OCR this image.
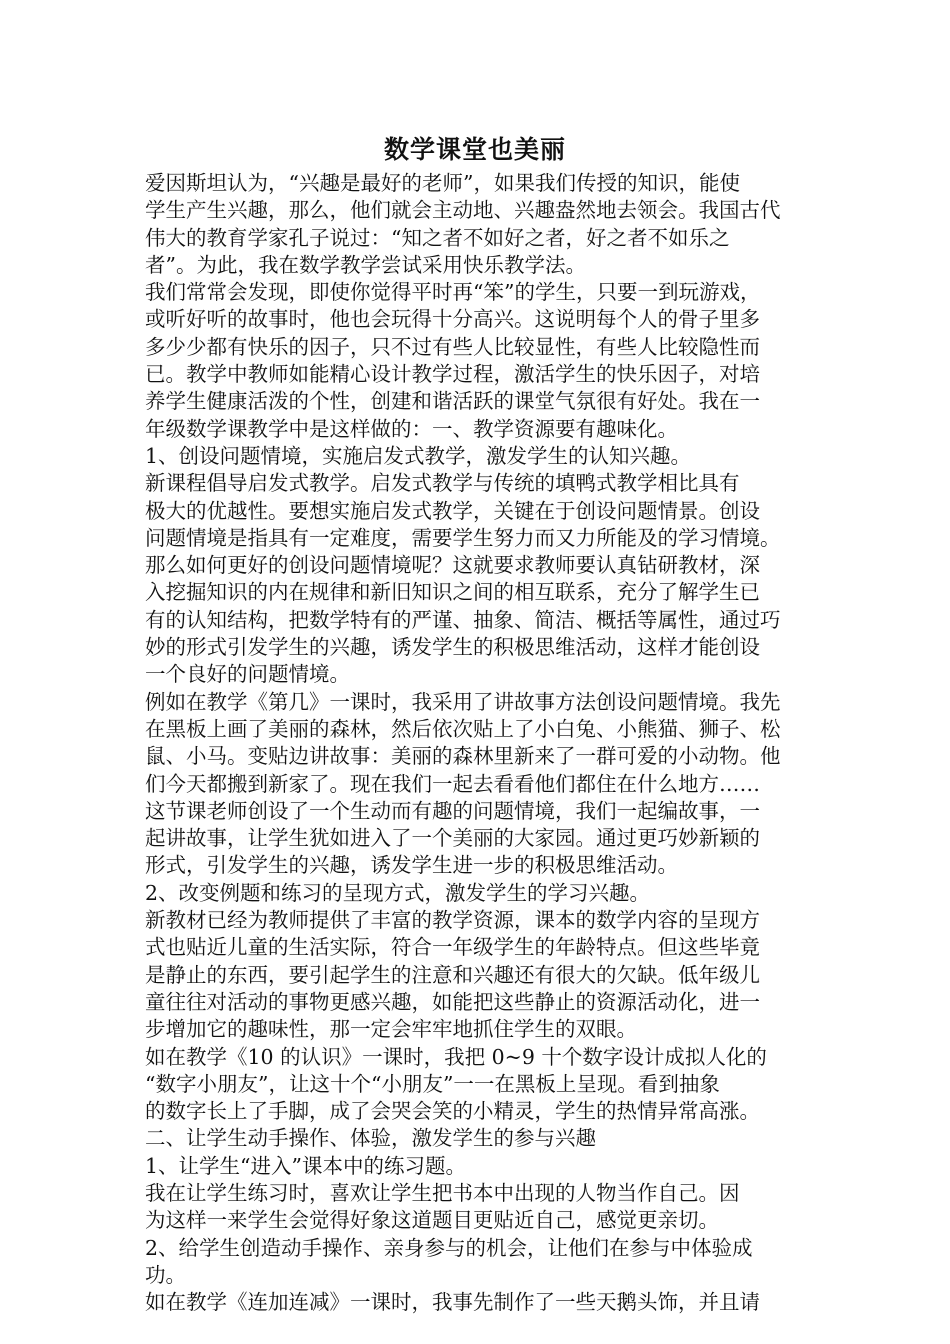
数学课堂也美丽
爱因斯坦认为，“兴趣是最好的老师”，如果我们传授的知识，能使
学生产生兴趣，那么，他们就会主动地、兴趣盎然地去领会。我国古代
伟大的教育学家孔子说过：“知之者不如好之者，好之者不如乐之
者”。为此，我在数学教学尝试采用快乐教学法。
我们常常会发现，即使你觉得平时再“笨”的学生，只要一到玩游戏，
或听好听的故事时，他也会玩得十分高兴。这说明每个人的骨子里多
多少少都有快乐的因子，只不过有些人比较显性，有些人比较隐性而
已。教学中教师如能精心设计教学过程，激活学生的快乐因子，对培
养学生健康活泼的个性，创建和谐活跃的课堂气氛很有好处。我在一
年级数学课教学中是这样做的：一、教学资源要有趣味化。
1、创设问题情境，实施启发式教学，激发学生的认知兴趣。
新课程倡导启发式教学。启发式教学与传统的填鸭式教学相比具有
极大的优越性。要想实施启发式教学，关键在于创设问题情景。创设
问题情境是指具有一定难度，需要学生努力而又力所能及的学习情境。
那么如何更好的创设问题情境呢？这就要求教师要认真钻研教材，深
入挖掘知识的内在规律和新旧知识之间的相互联系，充分了解学生已
有的认知结构，把数学特有的严谨、抽象、简洁、概括等属性，通过巧
妙的形式引发学生的兴趣，诱发学生的积极思维活动，这样才能创设
一个良好的问题情境。
例如在教学《第几》一课时，我采用了讲故事方法创设问题情境。我先
在黑板上画了美丽的森林，然后依次贴上了小白兔、小熊猫、狮子、松
鼠、小马。变贴边讲故事：美丽的森林里新来了一群可爱的小动物。他
们今天都搬到新家了。现在我们一起去看看他们都住在什么地方……
这节课老师创设了一个生动而有趣的问题情境，我们一起编故事，一
起讲故事，让学生犹如进入了一个美丽的大家园。通过更巧妙新颖的
形式，引发学生的兴趣，诱发学生进一步的积极思维活动。
2、改变例题和练习的呈现方式，激发学生的学习兴趣。
新教材已经为教师提供了丰富的教学资源，课本的数学内容的呈现方
式也贴近儿童的生活实际，符合一年级学生的年龄特点。但这些毕竟
是静止的东西，要引起学生的注意和兴趣还有很大的欠缺。低年级儿
童往往对活动的事物更感兴趣，如能把这些静止的资源活动化，进一
步增加它的趣味性，那一定会牢牢地抓住学生的双眼。
如在教学《10 的认识》一课时，我把 0~9 十个数字设计成拟人化的
“数字小朋友”，让这十个“小朋友”一一在黑板上呈现。看到抽象
的数字长上了手脚，成了会哭会笑的小精灵，学生的热情异常高涨。
二、让学生动手操作、体验，激发学生的参与兴趣
1、让学生“进入”课本中的练习题。
我在让学生练习时，喜欢让学生把书本中出现的人物当作自己。因
为这样一来学生会觉得好象这道题目更贴近自己，感觉更亲切。
2、给学生创造动手操作、亲身参与的机会，让他们在参与中体验成
功。
如在教学《连加连减》一课时，我事先制作了一些天鹅头饰，并且请
